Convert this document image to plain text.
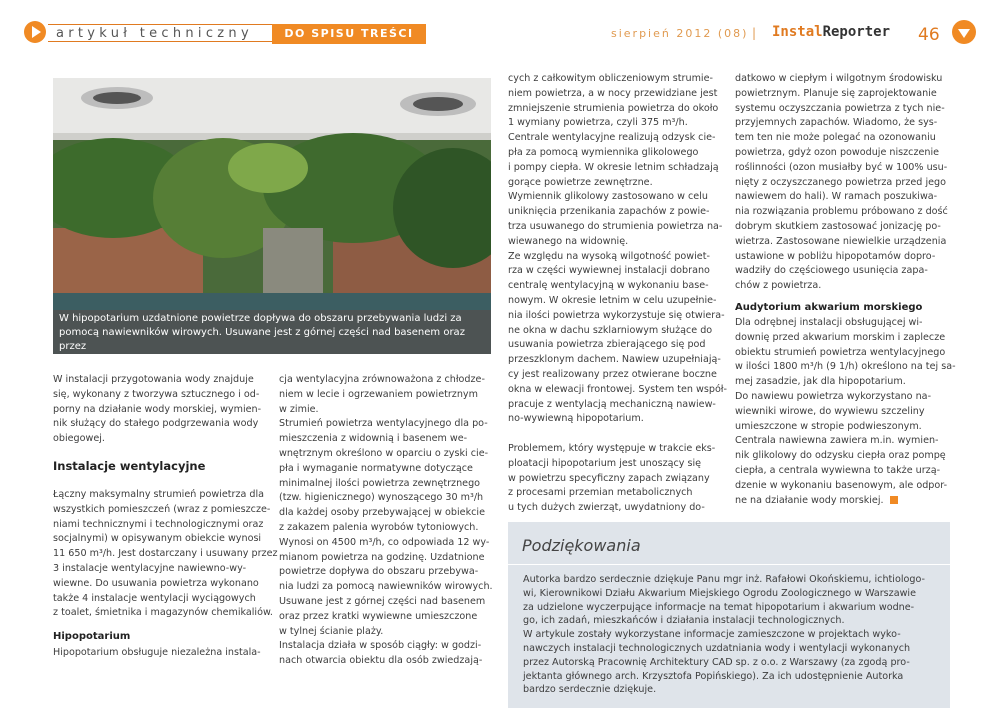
artykuł techniczny	DO SPISU TREŚCI	sierpień 2012 (08) | InstalReporter 46
W hipopotarium uzdatnione powietrze dopływa do obszaru przebywania ludzi za
pomocą nawiewników wirowych. Usuwane jest z górnej części nad basenem oraz przez
kratki wywiewne umieszczone w tylnej ścianie plaży
W instalacji przygotowania wody znajduje
się, wykonany z tworzywa sztucznego i od-
porny na działanie wody morskiej, wymien-
nik służący do stałego podgrzewania wody
obiegowej.
Instalacje wentylacyjne
Łączny maksymalny strumień powietrza dla
wszystkich pomieszczeń (wraz z pomieszcze-
niami technicznymi i technologicznymi oraz
socjalnymi) w opisywanym obiekcie wynosi
11 650 m³/h. Jest dostarczany i usuwany przez
3 instalacje wentylacyjne nawiewno-wy-
wiewne. Do usuwania powietrza wykonano
także 4 instalacje wentylacji wyciągowych
z toalet, śmietnika i magazynów chemikaliów.
Hipopotarium
Hipopotarium obsługuje niezależna instala-
cja wentylacyjna zrównoważona z chłodze-
niem w lecie i ogrzewaniem powietrznym
w zimie.
Strumień powietrza wentylacyjnego dla po-
mieszczenia z widownią i basenem we-
wnętrznym określono w oparciu o zyski cie-
pła i wymaganie normatywne dotyczące
minimalnej ilości powietrza zewnętrznego
(tzw. higienicznego) wynoszącego 30 m³/h
dla każdej osoby przebywającej w obiekcie
z zakazem palenia wyrobów tytoniowych.
Wynosi on 4500 m³/h, co odpowiada 12 wy-
mianom powietrza na godzinę. Uzdatnione
powietrze dopływa do obszaru przebywa-
nia ludzi za pomocą nawiewników wirowych.
Usuwane jest z górnej części nad basenem
oraz przez kratki wywiewne umieszczone
w tylnej ścianie plaży.
Instalacja działa w sposób ciągły: w godzi-
nach otwarcia obiektu dla osób zwiedzają-
cych z całkowitym obliczeniowym strumie-
niem powietrza, a w nocy przewidziane jest
zmniejszenie strumienia powietrza do około
1 wymiany powietrza, czyli 375 m³/h.
Centrale wentylacyjne realizują odzysk cie-
pła za pomocą wymiennika glikolowego
i pompy ciepła. W okresie letnim schładzają
gorące powietrze zewnętrzne.
Wymiennik glikolowy zastosowano w celu
uniknięcia przenikania zapachów z powie-
trza usuwanego do strumienia powietrza na-
wiewanego na widownię.
Ze względu na wysoką wilgotność powiet-
rza w części wywiewnej instalacji dobrano
centralę wentylacyjną w wykonaniu base-
nowym. W okresie letnim w celu uzupełnie-
nia ilości powietrza wykorzystuje się otwiera-
ne okna w dachu szklarniowym służące do
usuwania powietrza zbierającego się pod
przeszklonym dachem. Nawiew uzupełniają-
cy jest realizowany przez otwierane boczne
okna w elewacji frontowej. System ten współ-
pracuje z wentylacją mechaniczną nawiew-
no-wywiewną hipopotarium.
Problemem, który występuje w trakcie eks-
ploatacji hipopotarium jest unoszący się
w powietrzu specyficzny zapach związany
z procesami przemian metabolicznych
u tych dużych zwierząt, uwydatniony do-
datkowo w ciepłym i wilgotnym środowisku
powietrznym. Planuje się zaprojektowanie
systemu oczyszczania powietrza z tych nie-
przyjemnych zapachów. Wiadomo, że sys-
tem ten nie może polegać na ozonowaniu
powietrza, gdyż ozon powoduje niszczenie
roślinności (ozon musiałby być w 100% usu-
nięty z oczyszczanego powietrza przed jego
nawiewem do hali). W ramach poszukiwa-
nia rozwiązania problemu próbowano z dość
dobrym skutkiem zastosować jonizację po-
wietrza. Zastosowane niewielkie urządzenia
ustawione w pobliżu hipopotamów dopro-
wadziły do częściowego usunięcia zapa-
chów z powietrza.
Audytorium akwarium morskiego
Dla odrębnej instalacji obsługującej wi-
downię przed akwarium morskim i zaplecze
obiektu strumień powietrza wentylacyjnego
w ilości 1800 m³/h (9 1/h) określono na tej sa-
mej zasadzie, jak dla hipopotarium.
Do nawiewu powietrza wykorzystano na-
wiewniki wirowe, do wywiewu szczeliny
umieszczone w stropie podwieszonym.
Centrala nawiewna zawiera m.in. wymien-
nik glikolowy do odzysku ciepła oraz pompę
ciepła, a centrala wywiewna to także urzą-
dzenie w wykonaniu basenowym, ale odpor-
ne na działanie wody morskiej.
Podziękowania
Autorka bardzo serdecznie dziękuje Panu mgr inż. Rafałowi Okońskiemu, ichtiologo-
wi, Kierownikowi Działu Akwarium Miejskiego Ogrodu Zoologicznego w Warszawie
za udzielone wyczerpujące informacje na temat hipopotarium i akwarium wodne-
go, ich zadań, mieszkańców i działania instalacji technologicznych.
W artykule zostały wykorzystane informacje zamieszczone w projektach wyko-
nawczych instalacji technologicznych uzdatniania wody i wentylacji wykonanych
przez Autorską Pracownię Architektury CAD sp. z o.o. z Warszawy (za zgodą pro-
jektanta głównego arch. Krzysztofa Popińskiego). Za ich udostępnienie Autorka
bardzo serdecznie dziękuje.
